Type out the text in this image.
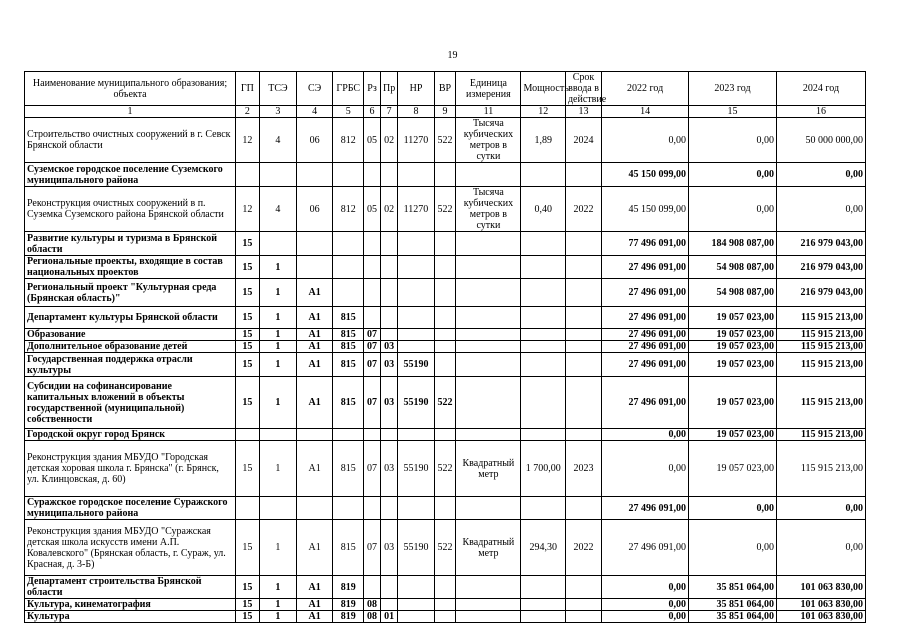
19
Наименование муниципального образования; объекта	ГП	ТСЭ	СЭ	ГРБС	Рз	Пр	НР	ВР	Единица измерения	Мощность	Срок ввода в действие	2022 год	2023 год	2024 год
1	2	3	4	5	6	7	8	9	11	12	13	14	15	16
Строительство очистных сооружений в г. Севск Брянской области	12	4	06	812	05	02	11270	522	Тысяча кубических метров в сутки	1,89	2024	0,00	0,00	50 000 000,00
Суземское городское поселение Суземского муниципального района												45 150 099,00	0,00	0,00
Реконструкция очистных сооружений в п. Суземка Суземского района Брянской области	12	4	06	812	05	02	11270	522	Тысяча кубических метров в сутки	0,40	2022	45 150 099,00	0,00	0,00
Развитие культуры и туризма в Брянской области	15											77 496 091,00	184 908 087,00	216 979 043,00
Региональные проекты, входящие в состав национальных проектов	15	1										27 496 091,00	54 908 087,00	216 979 043,00
Региональный проект "Культурная среда (Брянская область)"	15	1	А1									27 496 091,00	54 908 087,00	216 979 043,00
Департамент культуры Брянской области	15	1	А1	815								27 496 091,00	19 057 023,00	115 915 213,00
Образование	15	1	А1	815	07							27 496 091,00	19 057 023,00	115 915 213,00
Дополнительное образование детей	15	1	А1	815	07	03						27 496 091,00	19 057 023,00	115 915 213,00
Государственная поддержка отрасли культуры	15	1	А1	815	07	03	55190					27 496 091,00	19 057 023,00	115 915 213,00
Субсидии на софинансирование капитальных вложений в объекты государственной (муниципальной) собственности	15	1	А1	815	07	03	55190	522				27 496 091,00	19 057 023,00	115 915 213,00
Городской округ город Брянск												0,00	19 057 023,00	115 915 213,00
Реконструкция здания МБУДО "Городская детская хоровая школа г. Брянска" (г. Брянск, ул. Клинцовская, д. 60)	15	1	А1	815	07	03	55190	522	Квадратный метр	1 700,00	2023	0,00	19 057 023,00	115 915 213,00
Суражское городское поселение Суражского муниципального района												27 496 091,00	0,00	0,00
Реконструкция здания МБУДО "Суражская детская школа искусств имени А.П. Ковалевского" (Брянская область, г. Сураж, ул. Красная, д. 3-Б)	15	1	А1	815	07	03	55190	522	Квадратный метр	294,30	2022	27 496 091,00	0,00	0,00
Департамент строительства Брянской области	15	1	А1	819								0,00	35 851 064,00	101 063 830,00
Культура, кинематография	15	1	А1	819	08							0,00	35 851 064,00	101 063 830,00
Культура	15	1	А1	819	08	01						0,00	35 851 064,00	101 063 830,00
